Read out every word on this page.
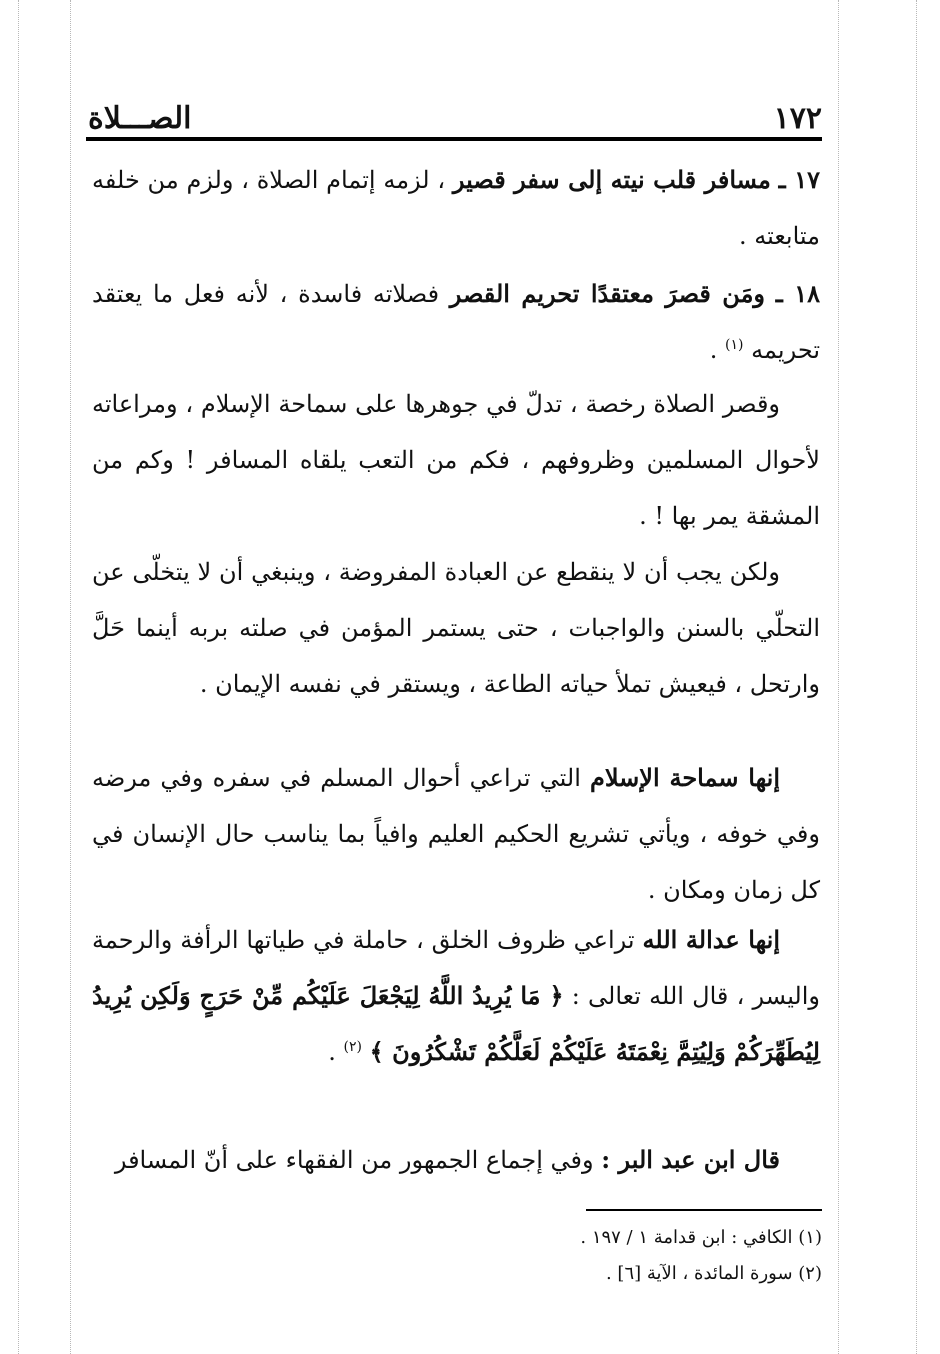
١٧٢
الصـــلاة
١٧ ـ مسافر قلب نيته إلى سفر قصير ، لزمه إتمام الصلاة ، ولزم من خلفه متابعته .
١٨ ـ ومَن قصرَ معتقدًا تحريم القصر فصلاته فاسدة ، لأنه فعل ما يعتقد تحريمه $^{(١)}$ .
وقصر الصلاة رخصة ، تدلّ في جوهرها على سماحة الإسلام ، ومراعاته لأحوال المسلمين وظروفهم ، فكم من التعب يلقاه المسافر ! وكم من المشقة يمر بها ! .
ولكن يجب أن لا ينقطع عن العبادة المفروضة ، وينبغي أن لا يتخلّى عن التحلّي بالسنن والواجبات ، حتى يستمر المؤمن في صلته بربه أينما حَلَّ وارتحل ، فيعيش تملأ حياته الطاعة ، ويستقر في نفسه الإيمان .
إنها سماحة الإسلام التي تراعي أحوال المسلم في سفره وفي مرضه وفي خوفه ، ويأتي تشريع الحكيم العليم وافياً بما يناسب حال الإنسان في كل زمان ومكان .
إنها عدالة الله تراعي ظروف الخلق ، حاملة في طياتها الرأفة والرحمة واليسر ، قال الله تعالى : ﴿ مَا يُرِيدُ اللَّهُ لِيَجْعَلَ عَلَيْكُم مِّنْ حَرَجٍ وَلَكِن يُرِيدُ لِيُطَهِّرَكُمْ وَلِيُتِمَّ نِعْمَتَهُ عَلَيْكُمْ لَعَلَّكُمْ تَشْكُرُونَ ﴾ $^{(٢)}$ .
قال ابن عبد البر : وفي إجماع الجمهور من الفقهاء على أنّ المسافر
(١) الكافي : ابن قدامة ١ / ١٩٧ .
(٢) سورة المائدة ، الآية [٦] .
